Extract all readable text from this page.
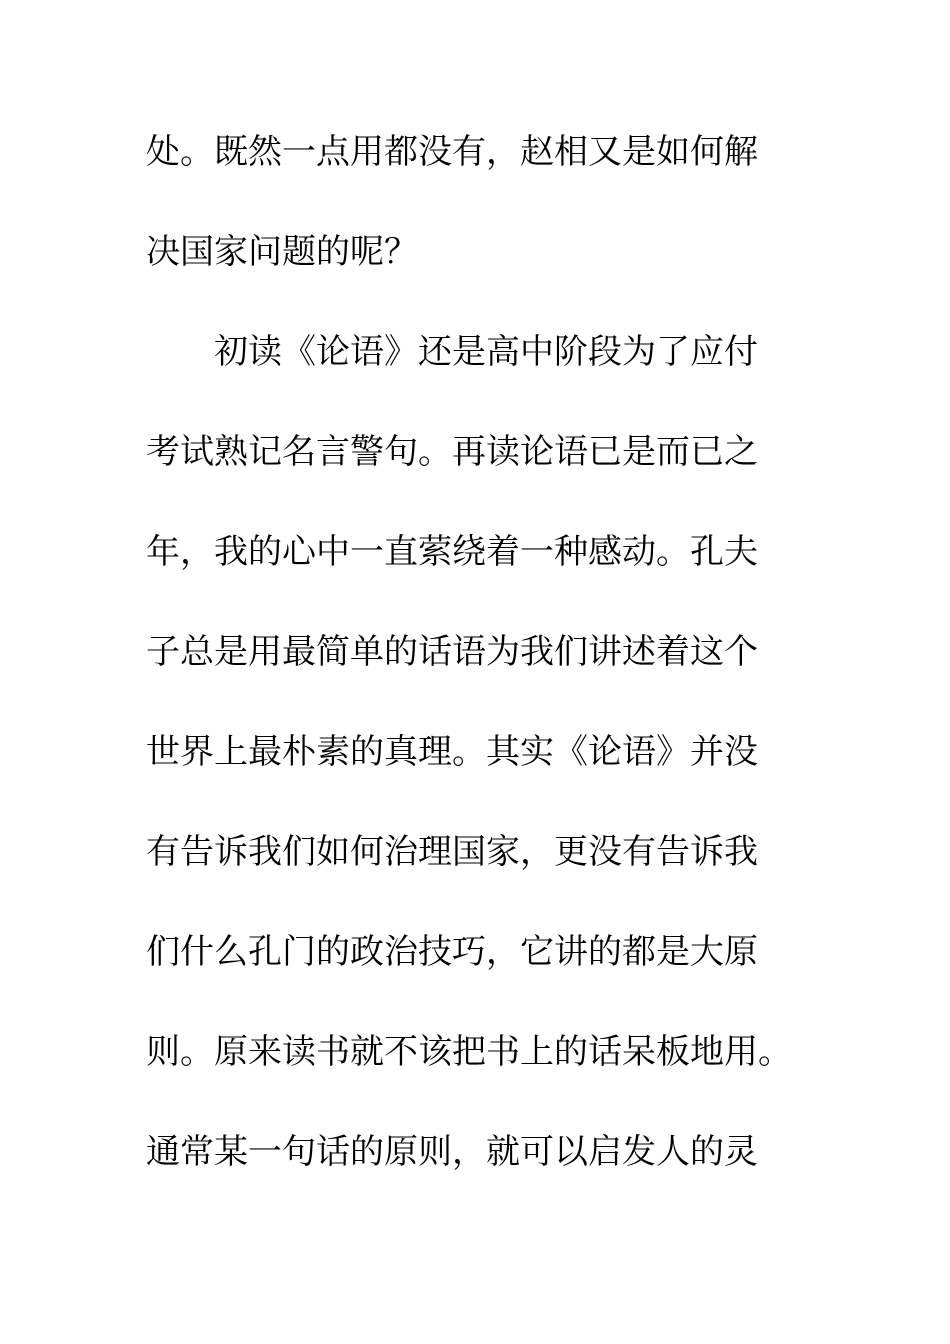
处。既然一点用都没有，赵相又是如何解
决国家问题的呢？
初读《论语》还是高中阶段为了应付
考试熟记名言警句。再读论语已是而已之
年，我的心中一直萦绕着一种感动。孔夫
子总是用最简单的话语为我们讲述着这个
世界上最朴素的真理。其实《论语》并没
有告诉我们如何治理国家，更没有告诉我
们什么孔门的政治技巧，它讲的都是大原
则。原来读书就不该把书上的话呆板地用。
通常某一句话的原则，就可以启发人的灵
